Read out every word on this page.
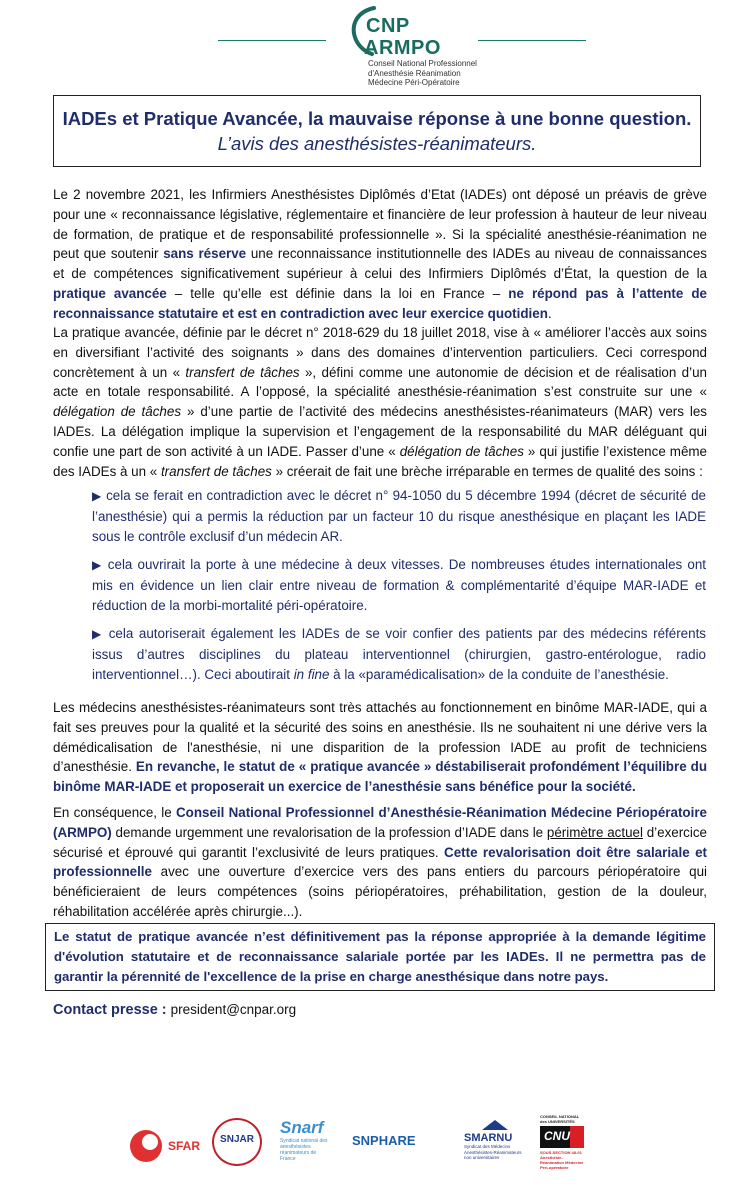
CNP
ARMPO
Conseil National Professionnel
d'Anesthésie Réanimation
Médecine Péri-Opératoire
IADEs et Pratique Avancée, la mauvaise réponse à une bonne question.
L’avis des anesthésistes-réanimateurs.
Le 2 novembre 2021, les Infirmiers Anesthésistes Diplômés d’Etat (IADEs) ont déposé un préavis de grève pour une « reconnaissance législative, réglementaire et financière de leur profession à hauteur de leur niveau de formation, de pratique et de responsabilité professionnelle ». Si la spécialité anesthésie-réanimation ne peut que soutenir sans réserve une reconnaissance institutionnelle des IADEs au niveau de connaissances et de compétences significativement supérieur à celui des Infirmiers Diplômés d’État, la question de la pratique avancée – telle qu’elle est définie dans la loi en France – ne répond pas à l’attente de reconnaissance statutaire et est en contradiction avec leur exercice quotidien.
La pratique avancée, définie par le décret n° 2018-629 du 18 juillet 2018, vise à « améliorer l’accès aux soins en diversifiant l’activité des soignants » dans des domaines d’intervention particuliers. Ceci correspond concrètement à un « transfert de tâches », défini comme une autonomie de décision et de réalisation d’un acte en totale responsabilité. A l’opposé, la spécialité anesthésie-réanimation s’est construite sur une « délégation de tâches » d’une partie de l’activité des médecins anesthésistes-réanimateurs (MAR) vers les IADEs. La délégation implique la supervision et l’engagement de la responsabilité du MAR déléguant qui confie une part de son activité à un IADE. Passer d’une « délégation de tâches » qui justifie l’existence même des IADEs à un « transfert de tâches » créerait de fait une brèche irréparable en termes de qualité des soins :
▶ cela se ferait en contradiction avec le décret n° 94-1050 du 5 décembre 1994 (décret de sécurité de l’anesthésie) qui a permis la réduction par un facteur 10 du risque anesthésique en plaçant les IADE sous le contrôle exclusif d’un médecin AR.
▶ cela ouvrirait la porte à une médecine à deux vitesses. De nombreuses études internationales ont mis en évidence un lien clair entre niveau de formation & complémentarité d’équipe MAR-IADE et réduction de la morbi-mortalité péri-opératoire.
▶ cela autoriserait également les IADEs de se voir confier des patients par des médecins référents issus d’autres disciplines du plateau interventionnel (chirurgien, gastro-entérologue, radio interventionnel…). Ceci aboutirait in fine à la «paramédicalisation» de la conduite de l’anesthésie.
Les médecins anesthésistes-réanimateurs sont très attachés au fonctionnement en binôme MAR-IADE, qui a fait ses preuves pour la qualité et la sécurité des soins en anesthésie. Ils ne souhaitent ni une dérive vers la démédicalisation de l'anesthésie, ni une disparition de la profession IADE au profit de techniciens d’anesthésie. En revanche, le statut de « pratique avancée » déstabiliserait profondément l’équilibre du binôme MAR-IADE et proposerait un exercice de l’anesthésie sans bénéfice pour la société.
En conséquence, le Conseil National Professionnel d’Anesthésie-Réanimation Médecine Périopératoire (ARMPO) demande urgemment une revalorisation de la profession d’IADE dans le périmètre actuel d’exercice sécurisé et éprouvé qui garantit l’exclusivité de leurs pratiques. Cette revalorisation doit être salariale et professionnelle avec une ouverture d’exercice vers des pans entiers du parcours périopératoire qui bénéficieraient de leurs compétences (soins périopératoires, préhabilitation, gestion de la douleur, réhabilitation accélérée après chirurgie...).
Le statut de pratique avancée n’est définitivement pas la réponse appropriée à la demande légitime d'évolution statutaire et de reconnaissance salariale portée par les IADEs. Il ne permettra pas de garantir la pérennité de l'excellence de la prise en charge anesthésique dans notre pays.
Contact presse : president@cnpar.org
SFAR	SNJAR
Snarf
Syndicat national des anesthésistes réanimateurs de France
SNPHARE	SMARNU
Syndicat des Médecins Anesthésistes-Réanimateurs non universitaires
CONSEIL NATIONAL des UNIVERSITÉS
CNU
SOUS-SECTION 48-01 Anesthésie-Réanimation Médecine Péri-opératoire
